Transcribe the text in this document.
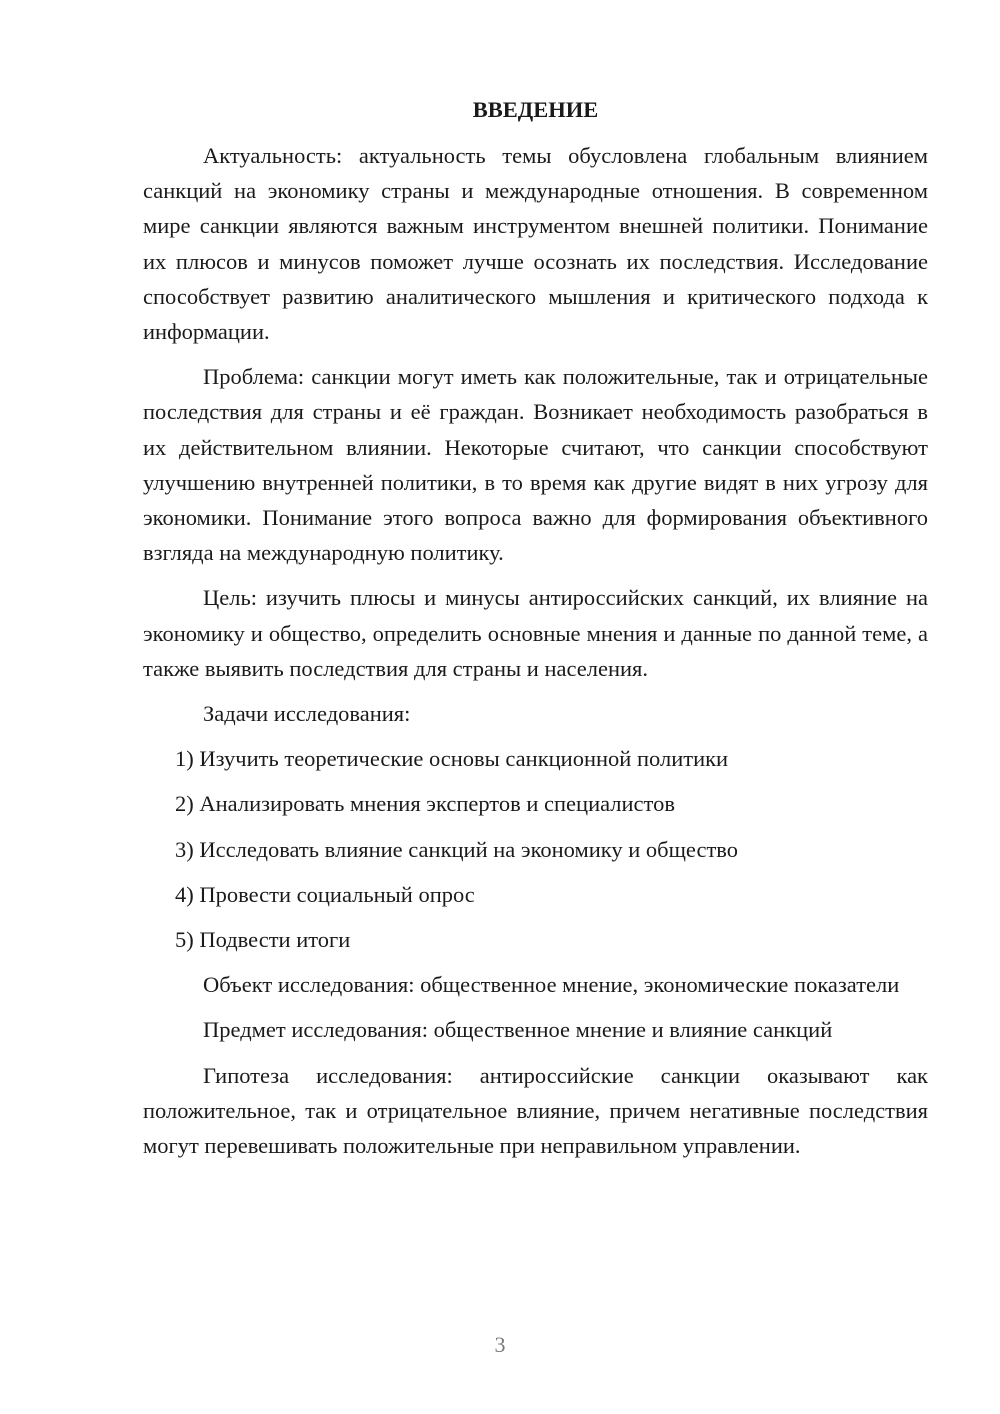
ВВЕДЕНИЕ

Актуальность: актуальность темы обусловлена глобальным влиянием санкций на экономику страны и международные отношения. В современном мире санкции являются важным инструментом внешней политики. Понимание их плюсов и минусов поможет лучше осознать их последствия. Исследование способствует развитию аналитического мышления и критического подхода к информации.

Проблема: санкции могут иметь как положительные, так и отрицательные последствия для страны и её граждан. Возникает необходимость разобраться в их действительном влиянии. Некоторые считают, что санкции способствуют улучшению внутренней политики, в то время как другие видят в них угрозу для экономики. Понимание этого вопроса важно для формирования объективного взгляда на международную политику.

Цель: изучить плюсы и минусы антироссийских санкций, их влияние на экономику и общество, определить основные мнения и данные по данной теме, а также выявить последствия для страны и населения.

Задачи исследования:

1) Изучить теоретические основы санкционной политики

2) Анализировать мнения экспертов и специалистов

3) Исследовать влияние санкций на экономику и общество

4) Провести социальный опрос

5) Подвести итоги

Объект исследования: общественное мнение, экономические показатели

Предмет исследования: общественное мнение и влияние санкций

Гипотеза исследования: антироссийские санкции оказывают как положительное, так и отрицательное влияние, причем негативные последствия могут перевешивать положительные при неправильном управлении.

3
